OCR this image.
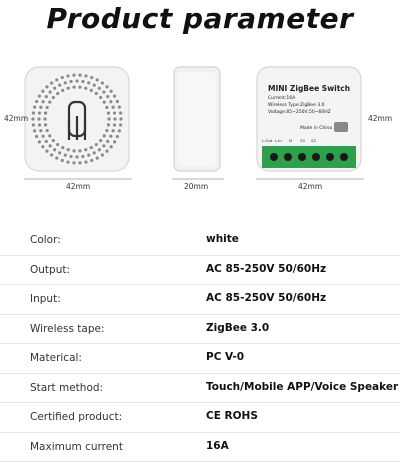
Product parameter
42mm
42mm	20mm
MINI ZigBee Switch
Current:16A
Wireless Type:ZigBee 3.0
Voltage:85~250V,50~60HZ
Made in China
L-Out  L-In      N       S1     S2
42mm
42mm
Color:	white
Output:	AC 85-250V 50/60Hz
Input:	AC 85-250V 50/60Hz
Wireless tape:	ZigBee 3.0
Materical:	PC V-0
Start method:	Touch/Mobile APP/Voice Speaker
Certified product:	CE ROHS
Maximum current	16A
